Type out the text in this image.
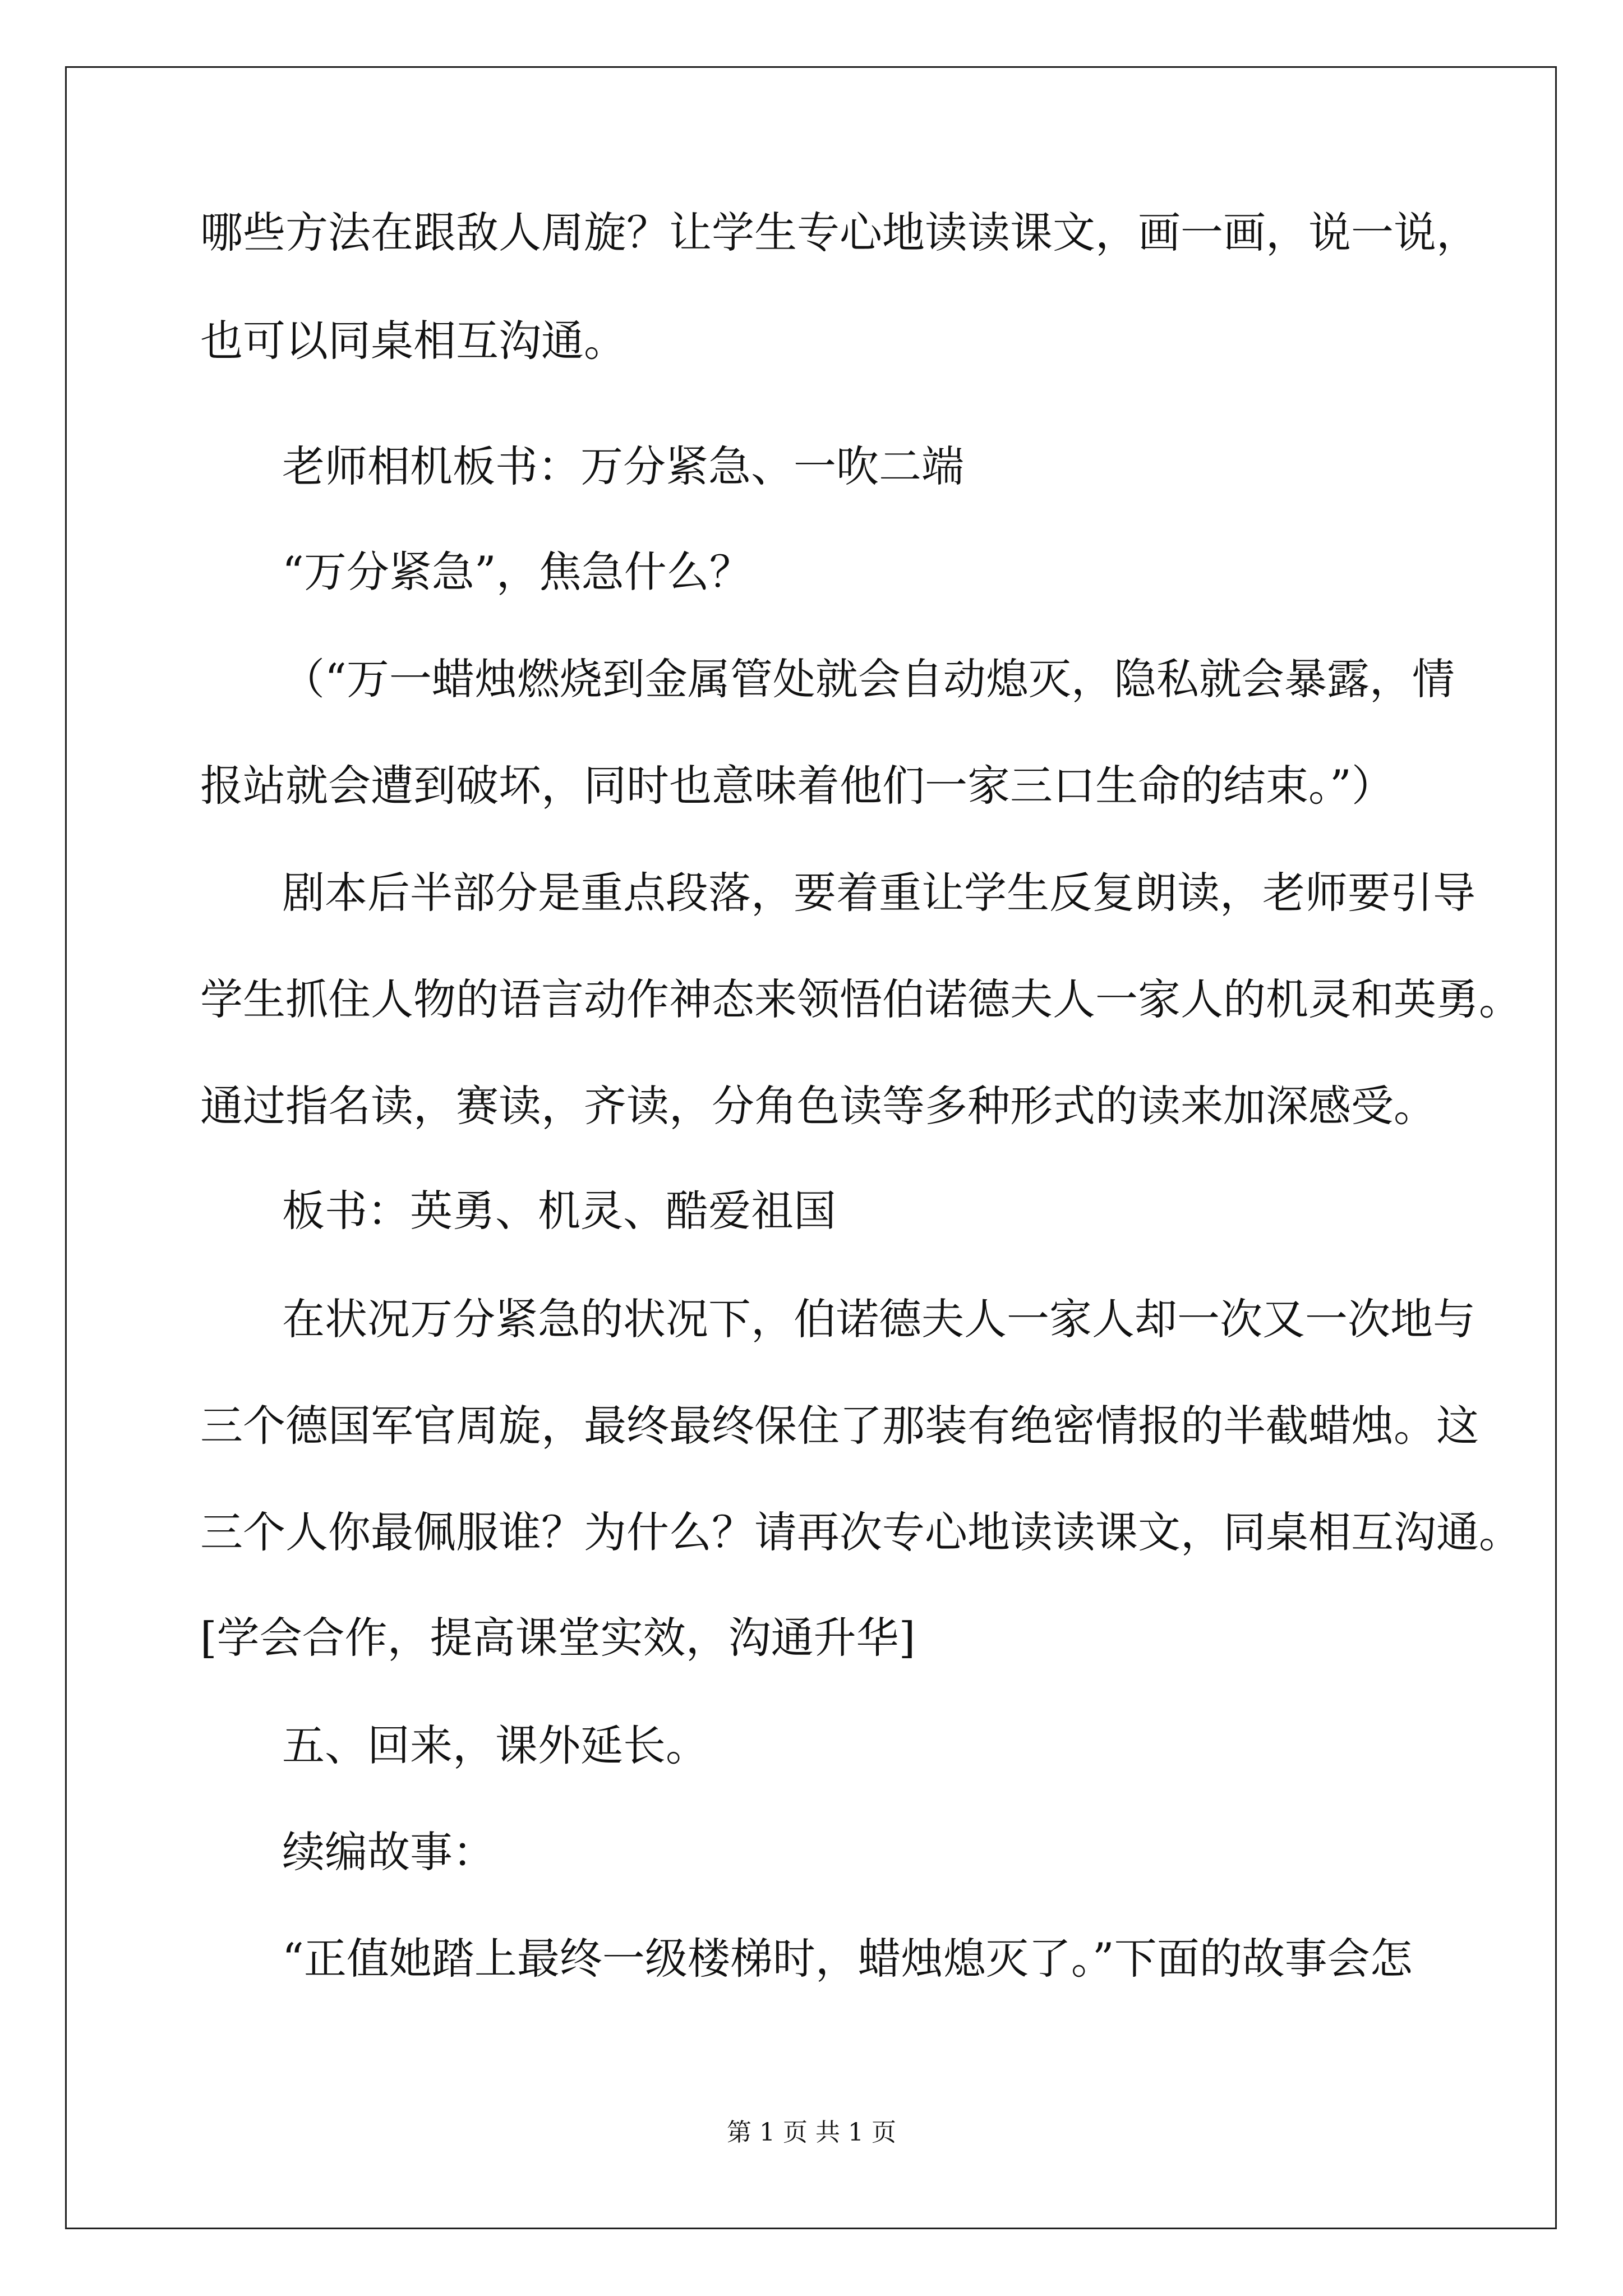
哪些方法在跟敌人周旋？让学生专心地读读课文，画一画，说一说，
也可以同桌相互沟通。
老师相机板书：万分紧急、一吹二端
“万分紧急”，焦急什么？
（“万一蜡烛燃烧到金属管处就会自动熄灭，隐私就会暴露，情
报站就会遭到破坏，同时也意味着他们一家三口生命的结束。”）
剧本后半部分是重点段落，要着重让学生反复朗读，老师要引导
学生抓住人物的语言动作神态来领悟伯诺德夫人一家人的机灵和英勇。
通过指名读，赛读，齐读，分角色读等多种形式的读来加深感受。
板书：英勇、机灵、酷爱祖国
在状况万分紧急的状况下，伯诺德夫人一家人却一次又一次地与
三个德国军官周旋，最终最终保住了那装有绝密情报的半截蜡烛。这
三个人你最佩服谁？为什么？请再次专心地读读课文，同桌相互沟通。
[学会合作，提高课堂实效，沟通升华]
五、回来，课外延长。
续编故事：
“正值她踏上最终一级楼梯时，蜡烛熄灭了。”下面的故事会怎
第 1 页 共 1 页
